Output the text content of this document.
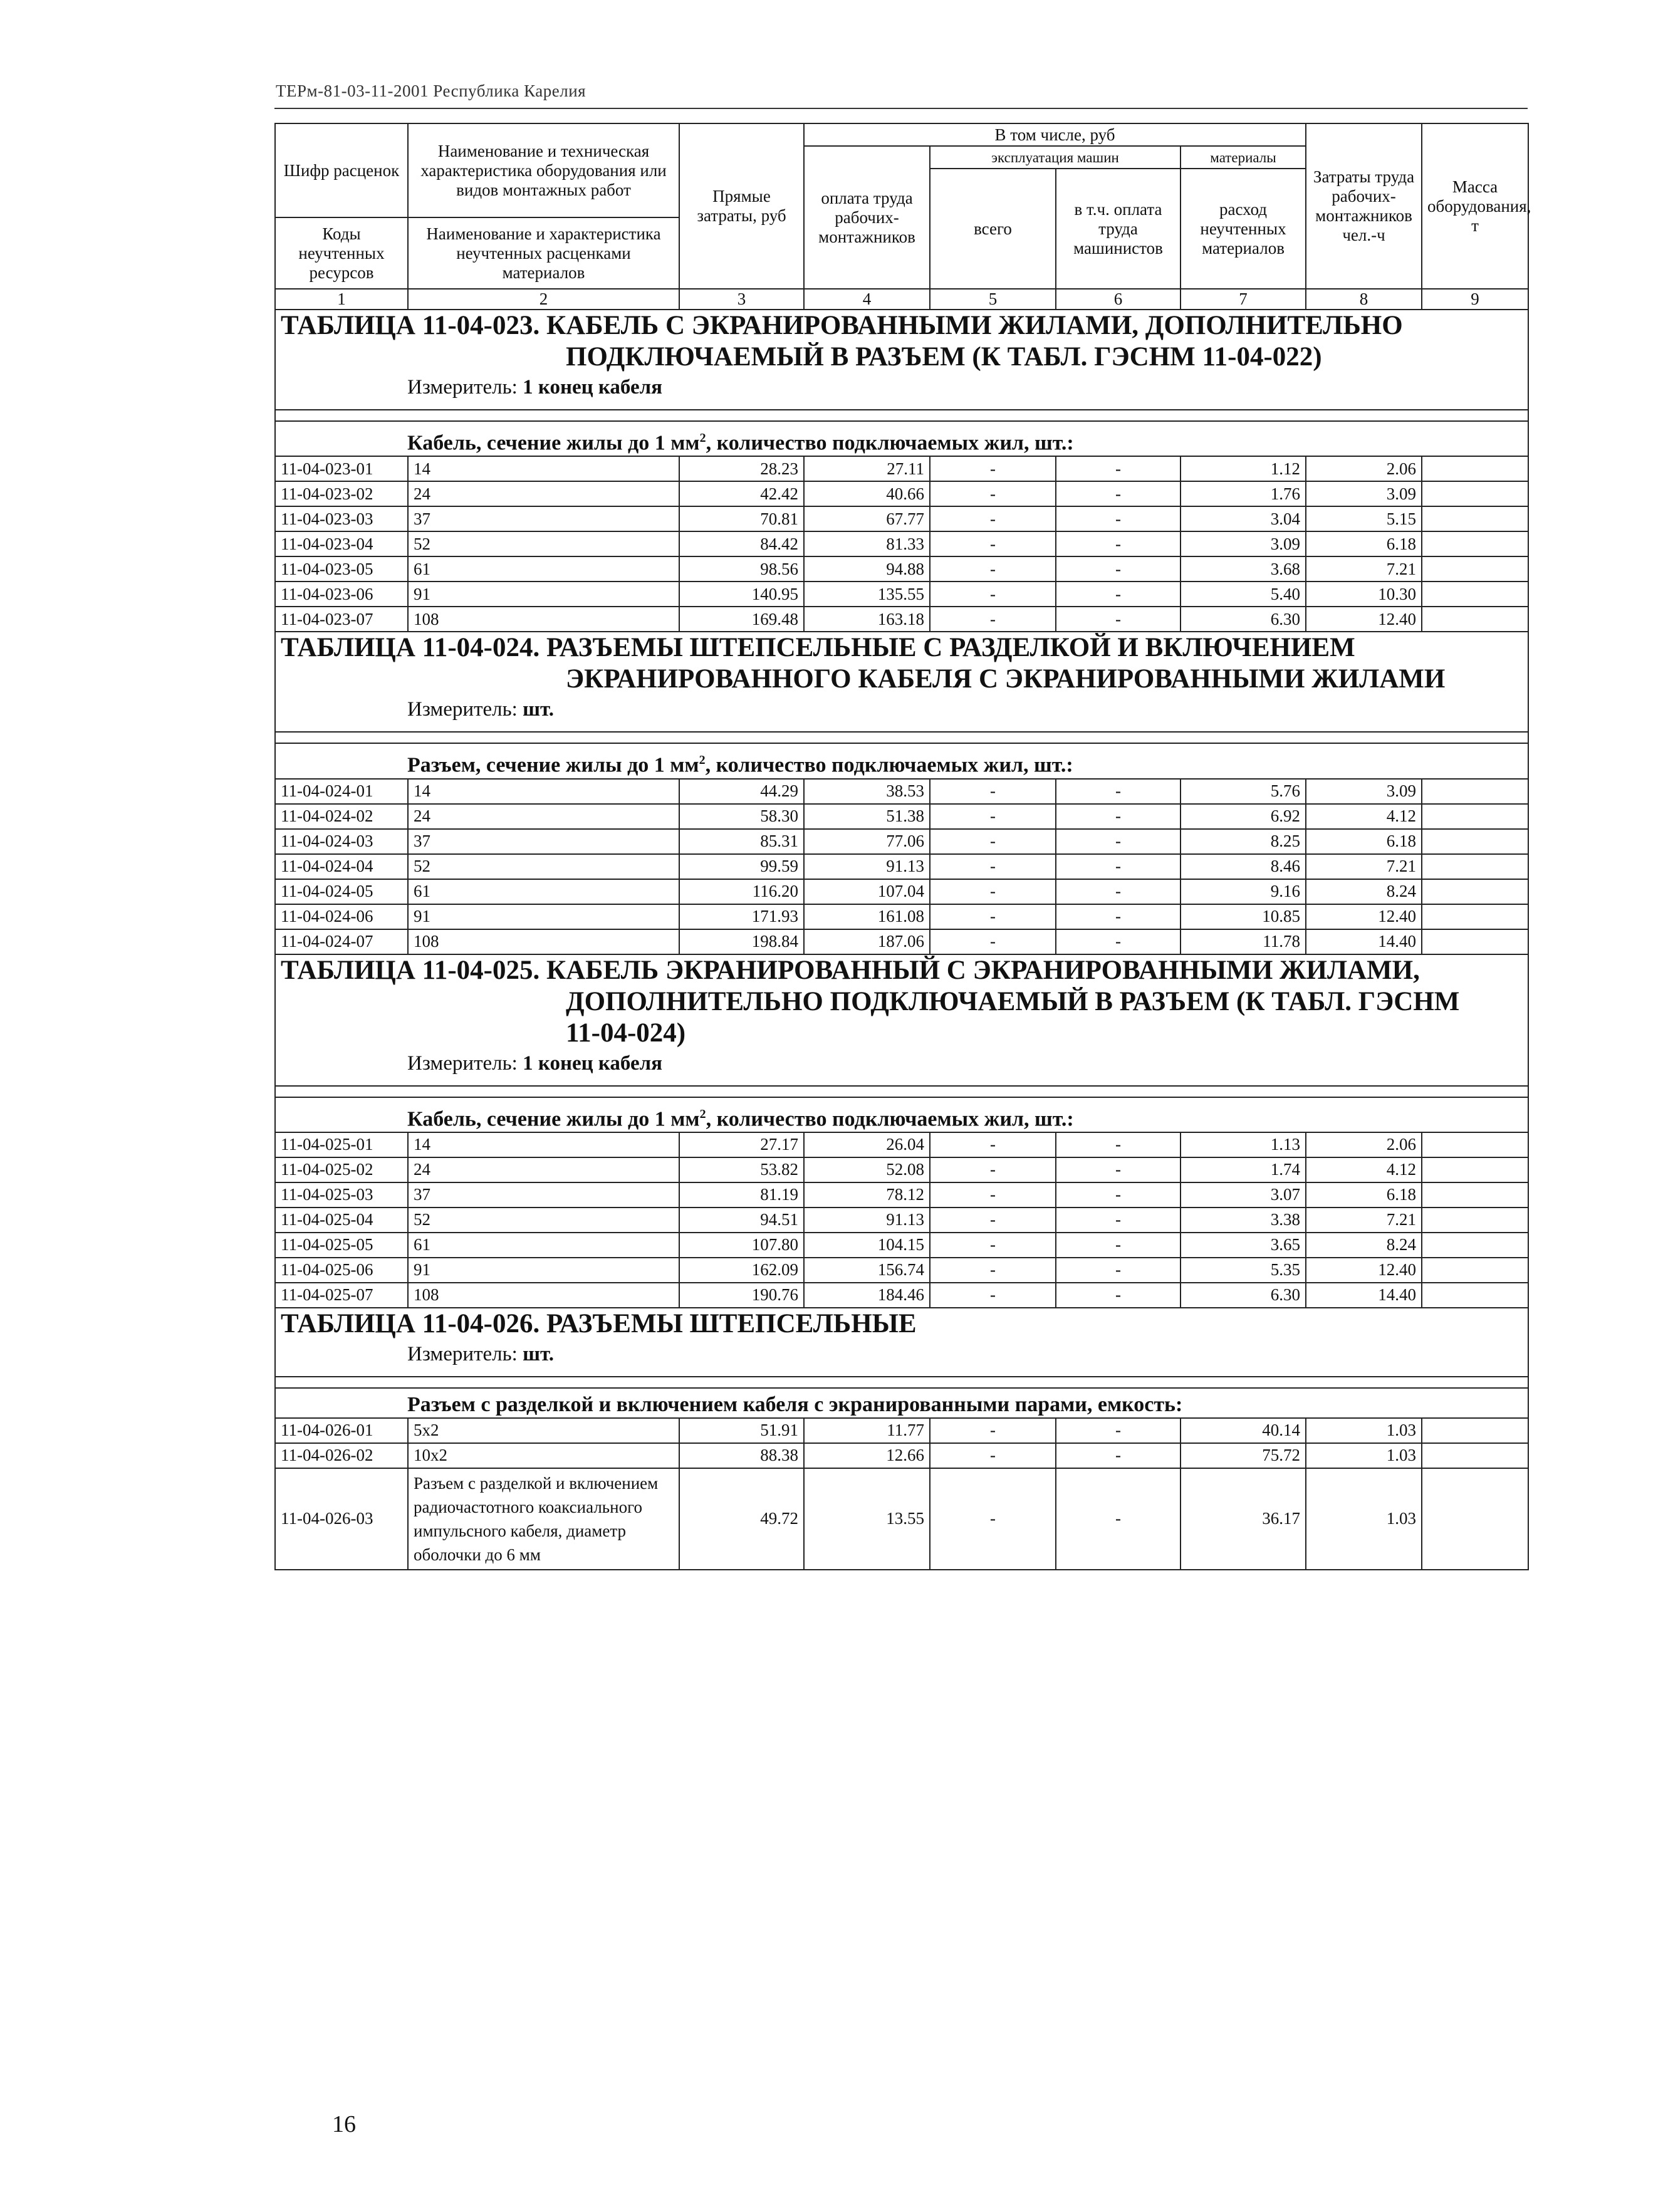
ТЕРм-81-03-11-2001 Республика Карелия
Шифр расценок	Наименование и техническая характеристика оборудования или видов монтажных работ	Прямые затраты, руб	В том числе, руб				Затраты труда рабочих-монтажников чел.-ч	Масса оборудования, т
			оплата труда рабочих-монтажников	эксплуатация машин		материалы		
				всего	в т.ч. оплата труда машинистов	расход неучтенных материалов		

Коды неучтенных ресурсов	Наименование и характеристика неучтенных расценками материалов							

1	2	3	4	5	6	7	8	9
ТАБЛИЦА 11-04-023. КАБЕЛЬ С ЭКРАНИРОВАННЫМИ ЖИЛАМИ, ДОПОЛНИТЕЛЬНО

ПОДКЛЮЧАЕМЫЙ В РАЗЪЕМ (К ТАБЛ. ГЭСНМ 11-04-022)								

Измеритель: 1 конец кабеля								

Кабель, сечение жилы до 1 $мм^2$, количество подключаемых жил, шт.:								
11-04-023-01	14	28.23	27.11	-	-	1.12	2.06	
11-04-023-02	24	42.42	40.66	-	-	1.76	3.09	
11-04-023-03	37	70.81	67.77	-	-	3.04	5.15	
11-04-023-04	52	84.42	81.33	-	-	3.09	6.18	
11-04-023-05	61	98.56	94.88	-	-	3.68	7.21	
11-04-023-06	91	140.95	135.55	-	-	5.40	10.30	
11-04-023-07	108	169.48	163.18	-	-	6.30	12.40	
ТАБЛИЦА 11-04-024. РАЗЪЕМЫ ШТЕПСЕЛЬНЫЕ С РАЗДЕЛКОЙ И ВКЛЮЧЕНИЕМ

ЭКРАНИРОВАННОГО КАБЕЛЯ С ЭКРАНИРОВАННЫМИ ЖИЛАМИ								

Измеритель: шт.								

Разъем, сечение жилы до 1 $мм^2$, количество подключаемых жил, шт.:								
11-04-024-01	14	44.29	38.53	-	-	5.76	3.09	
11-04-024-02	24	58.30	51.38	-	-	6.92	4.12	
11-04-024-03	37	85.31	77.06	-	-	8.25	6.18	
11-04-024-04	52	99.59	91.13	-	-	8.46	7.21	
11-04-024-05	61	116.20	107.04	-	-	9.16	8.24	
11-04-024-06	91	171.93	161.08	-	-	10.85	12.40	
11-04-024-07	108	198.84	187.06	-	-	11.78	14.40	
ТАБЛИЦА 11-04-025. КАБЕЛЬ ЭКРАНИРОВАННЫЙ С ЭКРАНИРОВАННЫМИ ЖИЛАМИ,

ДОПОЛНИТЕЛЬНО ПОДКЛЮЧАЕМЫЙ В РАЗЪЕМ (К ТАБЛ. ГЭСНМ
11-04-024)								

Измеритель: 1 конец кабеля								

Кабель, сечение жилы до 1 $мм^2$, количество подключаемых жил, шт.:								
11-04-025-01	14	27.17	26.04	-	-	1.13	2.06	
11-04-025-02	24	53.82	52.08	-	-	1.74	4.12	
11-04-025-03	37	81.19	78.12	-	-	3.07	6.18	
11-04-025-04	52	94.51	91.13	-	-	3.38	7.21	
11-04-025-05	61	107.80	104.15	-	-	3.65	8.24	
11-04-025-06	91	162.09	156.74	-	-	5.35	12.40	
11-04-025-07	108	190.76	184.46	-	-	6.30	14.40	
ТАБЛИЦА 11-04-026. РАЗЪЕМЫ ШТЕПСЕЛЬНЫЕ								
Измеритель: шт.								

Разъем с разделкой и включением кабеля с экранированными парами, емкость:								
11-04-026-01	5x2	51.91	11.77	-	-	40.14	1.03	
11-04-026-02	10x2	88.38	12.66	-	-	75.72	1.03	
11-04-026-03	Разъем с разделкой и включением радиочастотного коаксиального импульсного кабеля, диаметр оболочки до 6 мм	49.72	13.55	-	-	36.17	1.03	
16
